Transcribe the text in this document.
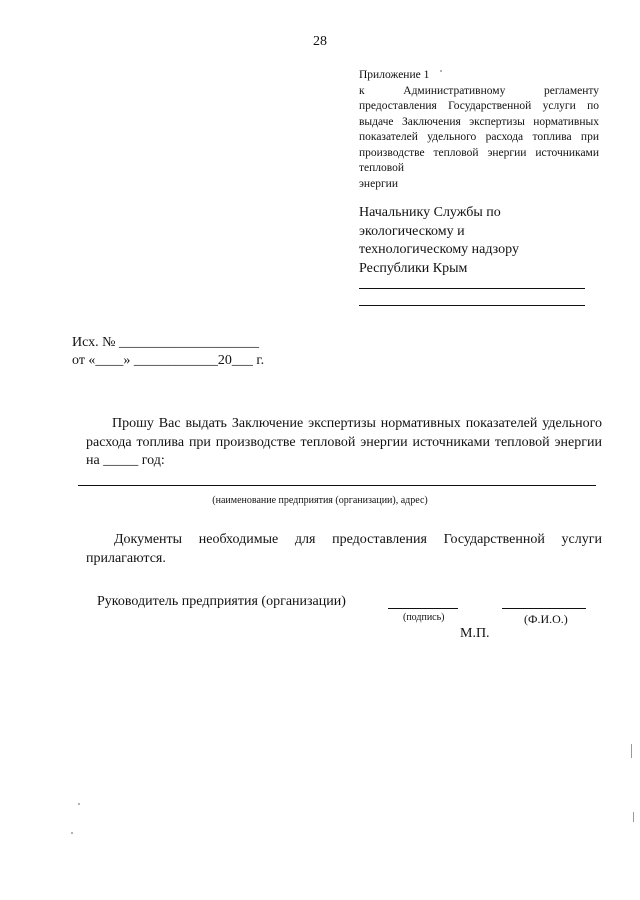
28
Приложение 1
к Административному регламенту предоставления Государственной услуги по выдаче Заключения экспертизы нормативных показателей удельного расхода топлива при производстве тепловой энергии источниками тепловой
энергии
Начальнику Службы по
экологическому и
технологическому надзору
Республики Крым
Исх. № ____________________
от «____» ____________20___ г.
Прошу Вас выдать Заключение экспертизы нормативных показателей удельного расхода топлива при производстве тепловой энергии источниками тепловой энергии на _____ год:
(наименование предприятия (организации), адрес)
Документы необходимые для предоставления Государственной услуги прилагаются.
Руководитель предприятия (организации)
(подпись)	(Ф.И.О.)
М.П.
